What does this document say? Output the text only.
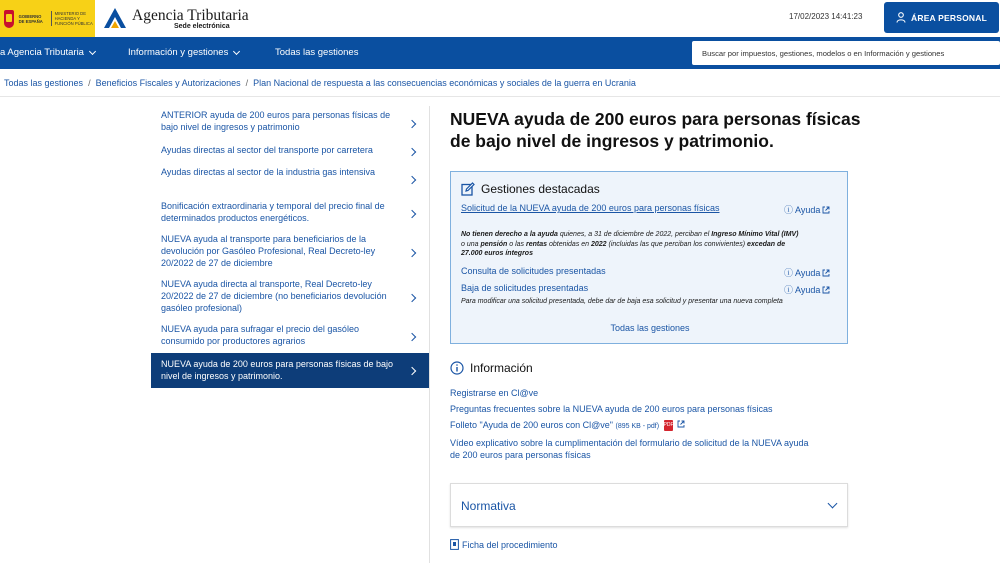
GOBIERNO DE ESPAÑA
MINISTERIO DE HACIENDA Y FUNCIÓN PÚBLICA	Agencia Tributaria
Sede electrónica
17/02/2023 14:41:23	ÁREA PERSONAL
a Agencia Tributaria	Información y gestiones	Todas las gestiones
Buscar por impuestos, gestiones, modelos o en Información y gestiones
Todas las gestiones / Beneficios Fiscales y Autorizaciones / Plan Nacional de respuesta a las consecuencias económicas y sociales de la guerra en Ucrania
ANTERIOR ayuda de 200 euros para personas físicas de bajo nivel de ingresos y patrimonio
Ayudas directas al sector del transporte por carretera
Ayudas directas al sector de la industria gas intensiva
Bonificación extraordinaria y temporal del precio final de determinados productos energéticos.
NUEVA ayuda al transporte para beneficiarios de la devolución por Gasóleo Profesional, Real Decreto-ley 20/2022 de 27 de diciembre
NUEVA ayuda directa al transporte, Real Decreto-ley 20/2022 de 27 de diciembre (no beneficiarios devolución gasóleo profesional)
NUEVA ayuda para sufragar el precio del gasóleo consumido por productores agrarios
NUEVA ayuda de 200 euros para personas físicas de bajo nivel de ingresos y patrimonio.
NUEVA ayuda de 200 euros para personas físicas de bajo nivel de ingresos y patrimonio.
Gestiones destacadas
Solicitud de la NUEVA ayuda de 200 euros para personas físicas	ⓘ Ayuda
No tienen derecho a la ayuda quienes, a 31 de diciembre de 2022, perciban el Ingreso Mínimo Vital (IMV) o una pensión o las rentas obtenidas en 2022 (incluidas las que perciban los convivientes) excedan de 27.000 euros íntegros
Consulta de solicitudes presentadas	ⓘ Ayuda
Baja de solicitudes presentadas	ⓘ Ayuda
Para modificar una solicitud presentada, debe dar de baja esa solicitud y presentar una nueva completa
Todas las gestiones
Información
Registrarse en Cl@ve
Preguntas frecuentes sobre la NUEVA ayuda de 200 euros para personas físicas
Folleto "Ayuda de 200 euros con Cl@ve" (895 KB - pdf) PDF
Vídeo explicativo sobre la cumplimentación del formulario de solicitud de la NUEVA ayuda de 200 euros para personas físicas
Normativa
Ficha del procedimiento
